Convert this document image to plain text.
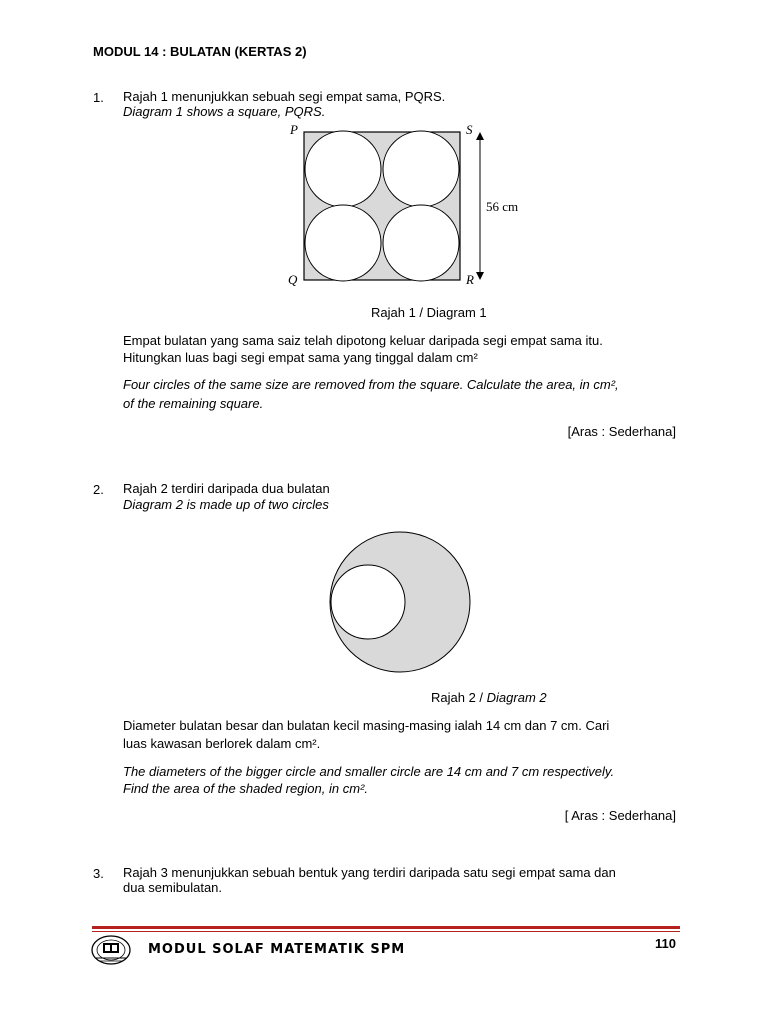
MODUL 14 : BULATAN (KERTAS 2)
1. Rajah 1 menunjukkan sebuah segi empat sama, PQRS.
Diagram 1 shows a square, PQRS.
P	S
Q	R
56 cm
Rajah 1 / Diagram 1
Empat bulatan yang sama saiz telah dipotong keluar daripada segi empat sama itu.
Hitungkan luas bagi segi empat sama yang tinggal dalam cm²
Four circles of the same size are removed from the square. Calculate the area, in cm²,
of the remaining square.
[Aras : Sederhana]
2. Rajah 2 terdiri daripada dua bulatan
Diagram 2 is made up of two circles
Rajah 2 / Diagram 2
Diameter bulatan besar dan bulatan kecil masing-masing ialah 14 cm dan 7 cm. Cari
luas kawasan berlorek dalam cm².
The diameters of the bigger circle and smaller circle are 14 cm and 7 cm respectively.
Find the area of the shaded region, in cm².
[ Aras : Sederhana]
3. Rajah 3 menunjukkan sebuah bentuk yang terdiri daripada satu segi empat sama dan
dua semibulatan.
MODUL SOLAF MATEMATIK SPM	110
